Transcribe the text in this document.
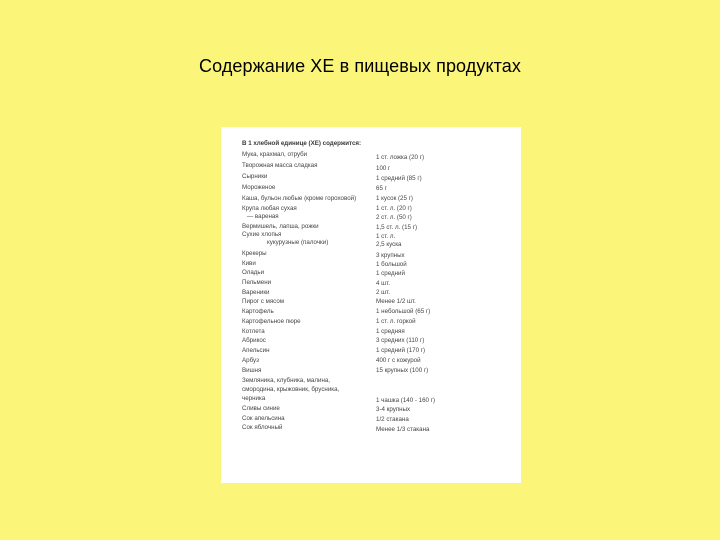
Содержание ХЕ в пищевых продуктах
В 1 хлебной единице (ХЕ) содержится:
Мука, крахмал, отруби	1 ст. ложка (20 г)
Творожная масса сладкая	100 г
Сырники	1 средний (85 г)
Мороженое	65 г
Каша, бульон любые (кроме гороховой)	1 кусок (25 г)
Крупа любая сухая	1 ст. л. (20 г)
— вареная	2 ст. л. (50 г)
Вермишель, лапша, рожки	1,5 ст. л. (15 г)
Сухие хлопья	1 ст. л.
кукурузные (палочки)	2,5 куска
Крекеры	3 крупных
Киви	1 большой
Оладьи	1 средний
Пельмени	4 шт.
Вареники	2 шт.
Пирог с мясом	Менее 1/2 шт.
Картофель	1 небольшой (65 г)
Картофельное пюре	1 ст. л. горкой
Котлета	1 средняя
Абрикос	3 средних (110 г)
Апельсин	1 средний (170 г)
Арбуз	400 г с кожурой
Вишня	15 крупных (100 г)
Земляника, клубника, малина,
смородина, крыжовник, брусника,
черника	1 чашка (140 - 160 г)
Сливы синие	3-4 крупных
Сок апельсина	1/2 стакана
Сок яблочный	Менее 1/3 стакана
